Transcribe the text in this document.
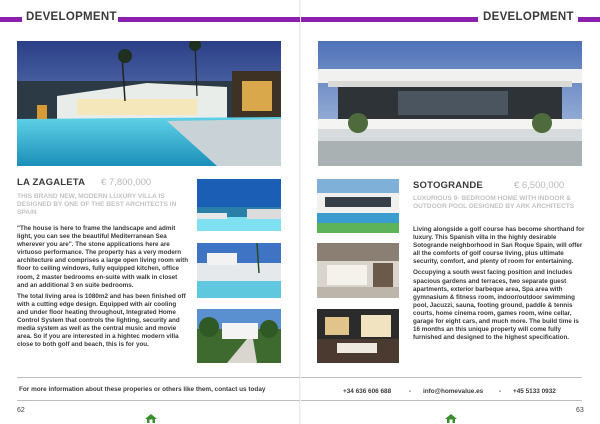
DEVELOPMENT	DEVELOPMENT
LA ZAGALETA € 7,800,000
THIS BRAND NEW, MODERN LUXURY VILLA IS DESIGNED BY ONE OF THE BEST ARCHITECTS IN SPAIN

"The house is here to frame the landscape and admit light, you can see the beautiful Mediterranean Sea wherever you are". The stone applications here are virtuoso performance. The property has a very modern architecture and comprises a large open living room with floor to ceiling windows, fully equipped kitchen, office room, 2 master bedrooms en-suite with walk in closet and an additional 3 en suite bedrooms.

The total living area is 1080m2 and has been finished off with a cutting edge design. Equipped with air cooling and under floor heating throughout, Integrated Home Control System that controls the lighting, security and media system as well as the central music and movie area. So if you are interested in a hightec modern villa close to both golf and beach, this is for you.

For more information about these properies or others like them, contact us today
62
SOTOGRANDE	€ 6,500,000
LUXURIOUS 9- BEDROOM HOME WITH INDOOR & OUTDOOR POOL DESIGNED BY ARK ARCHITECTS

Living alongside a golf course has become shorthand for luxury. This Spanish villa in the highly desirable Sotogrande neighborhood in San Roque Spain, will offer all the comforts of golf course living, plus ultimate security, comfort, and plenty of room for entertaining.

Occupying a south west facing position and includes spacious gardens and terraces, two separate guest apartments, exterior barbeque area, Spa area with gymnasium & fitness room, indoor/outdoor swimming pool, Jacuzzi, sauna, footing ground, paddle & tennis courts, home cinema room, games room, wine cellar, garage for eight cars, and much more. The build time is 16 months an this unique property will come fully furnished and designed to the highest specification.

+34 636 606 688	- info@homevalue.es - +45 5133 0932
63
